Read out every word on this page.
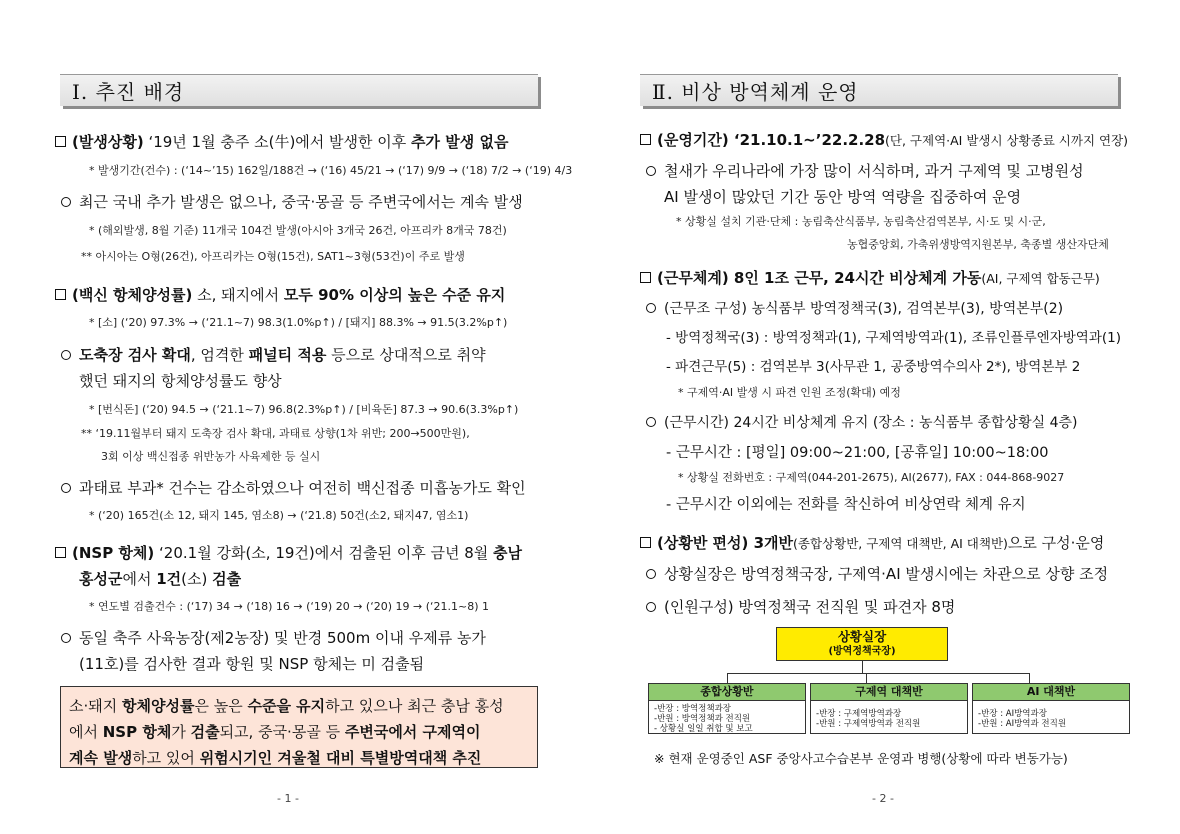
Ⅰ. 추진 배경
(발생상황) ‘19년 1월 충주 소(牛)에서 발생한 이후 추가 발생 없음
* 발생기간(건수) : (‘14~’15) 162일/188건 → (‘16) 45/21 → (‘17) 9/9 → (‘18) 7/2 → (‘19) 4/3
최근 국내 추가 발생은 없으나, 중국·몽골 등 주변국에서는 계속 발생
* (해외발생, 8월 기준) 11개국 104건 발생(아시아 3개국 26건, 아프리카 8개국 78건)
** 아시아는 O형(26건), 아프리카는 O형(15건), SAT1~3형(53건)이 주로 발생
(백신 항체양성률) 소, 돼지에서 모두 90% 이상의 높은 수준 유지
* [소] (‘20) 97.3% → (‘21.1~7) 98.3(1.0%p↑) / [돼지] 88.3% → 91.5(3.2%p↑)
도축장 검사 확대, 엄격한 패널티 적용 등으로 상대적으로 취약
했던 돼지의 항체양성률도 향상
* [번식돈] (‘20) 94.5 → (‘21.1~7) 96.8(2.3%p↑) / [비육돈] 87.3 → 90.6(3.3%p↑)
** ‘19.11월부터 돼지 도축장 검사 확대, 과태료 상향(1차 위반; 200→500만원),
3회 이상 백신접종 위반농가 사육제한 등 실시
과태료 부과* 건수는 감소하였으나 여전히 백신접종 미흡농가도 확인
* (‘20) 165건(소 12, 돼지 145, 염소8) → (‘21.8) 50건(소2, 돼지47, 염소1)
(NSP 항체) ‘20.1월 강화(소, 19건)에서 검출된 이후 금년 8월 충남
홍성군에서 1건(소) 검출
* 연도별 검출건수 : (‘17) 34 → (‘18) 16 → (‘19) 20 → (‘20) 19 → (‘21.1~8) 1
동일 축주 사육농장(제2농장) 및 반경 500m 이내 우제류 농가
(11호)를 검사한 결과 항원 및 NSP 항체는 미 검출됨
소·돼지 항체양성률은 높은 수준을 유지하고 있으나 최근 충남 홍성
에서 NSP 항체가 검출되고, 중국·몽골 등 주변국에서 구제역이
계속 발생하고 있어 위험시기인 겨울철 대비 특별방역대책 추진
- 1 -
Ⅱ. 비상 방역체계 운영
(운영기간) ‘21.10.1~’22.2.28(단, 구제역·AI 발생시 상황종료 시까지 연장)
철새가 우리나라에 가장 많이 서식하며, 과거 구제역 및 고병원성
AI 발생이 많았던 기간 동안 방역 역량을 집중하여 운영
* 상황실 설치 기관·단체 : 농림축산식품부, 농림축산검역본부, 시·도 및 시·군,
농협중앙회, 가축위생방역지원본부, 축종별 생산자단체
(근무체계) 8인 1조 근무, 24시간 비상체계 가동(AI, 구제역 합동근무)
(근무조 구성) 농식품부 방역정책국(3), 검역본부(3), 방역본부(2)
- 방역정책국(3) : 방역정책과(1), 구제역방역과(1), 조류인플루엔자방역과(1)
- 파견근무(5) : 검역본부 3(사무관 1, 공중방역수의사 2*), 방역본부 2
* 구제역·AI 발생 시 파견 인원 조정(확대) 예정
(근무시간) 24시간 비상체계 유지 (장소 : 농식품부 종합상황실 4층)
- 근무시간 : [평일] 09:00~21:00, [공휴일] 10:00~18:00
* 상황실 전화번호 : 구제역(044-201-2675), AI(2677), FAX : 044-868-9027
- 근무시간 이외에는 전화를 착신하여 비상연락 체계 유지
(상황반 편성) 3개반(종합상황반, 구제역 대책반, AI 대책반)으로 구성·운영
상황실장은 방역정책국장, 구제역·AI 발생시에는 차관으로 상향 조정
(인원구성) 방역정책국 전직원 및 파견자 8명
※ 현재 운영중인 ASF 중앙사고수습본부 운영과 병행(상황에 따라 변동가능)
- 2 -
상황실장
(방역정책국장)
종합상황반
-반장 : 방역정책과장
-반원 : 방역정책과 전직원
- 상황실 일일 취합 및 보고
구제역 대책반
-반장 : 구제역방역과장
-반원 : 구제역방역과 전직원
AI 대책반
-반장 : AI방역과장
-반원 : AI방역과 전직원
